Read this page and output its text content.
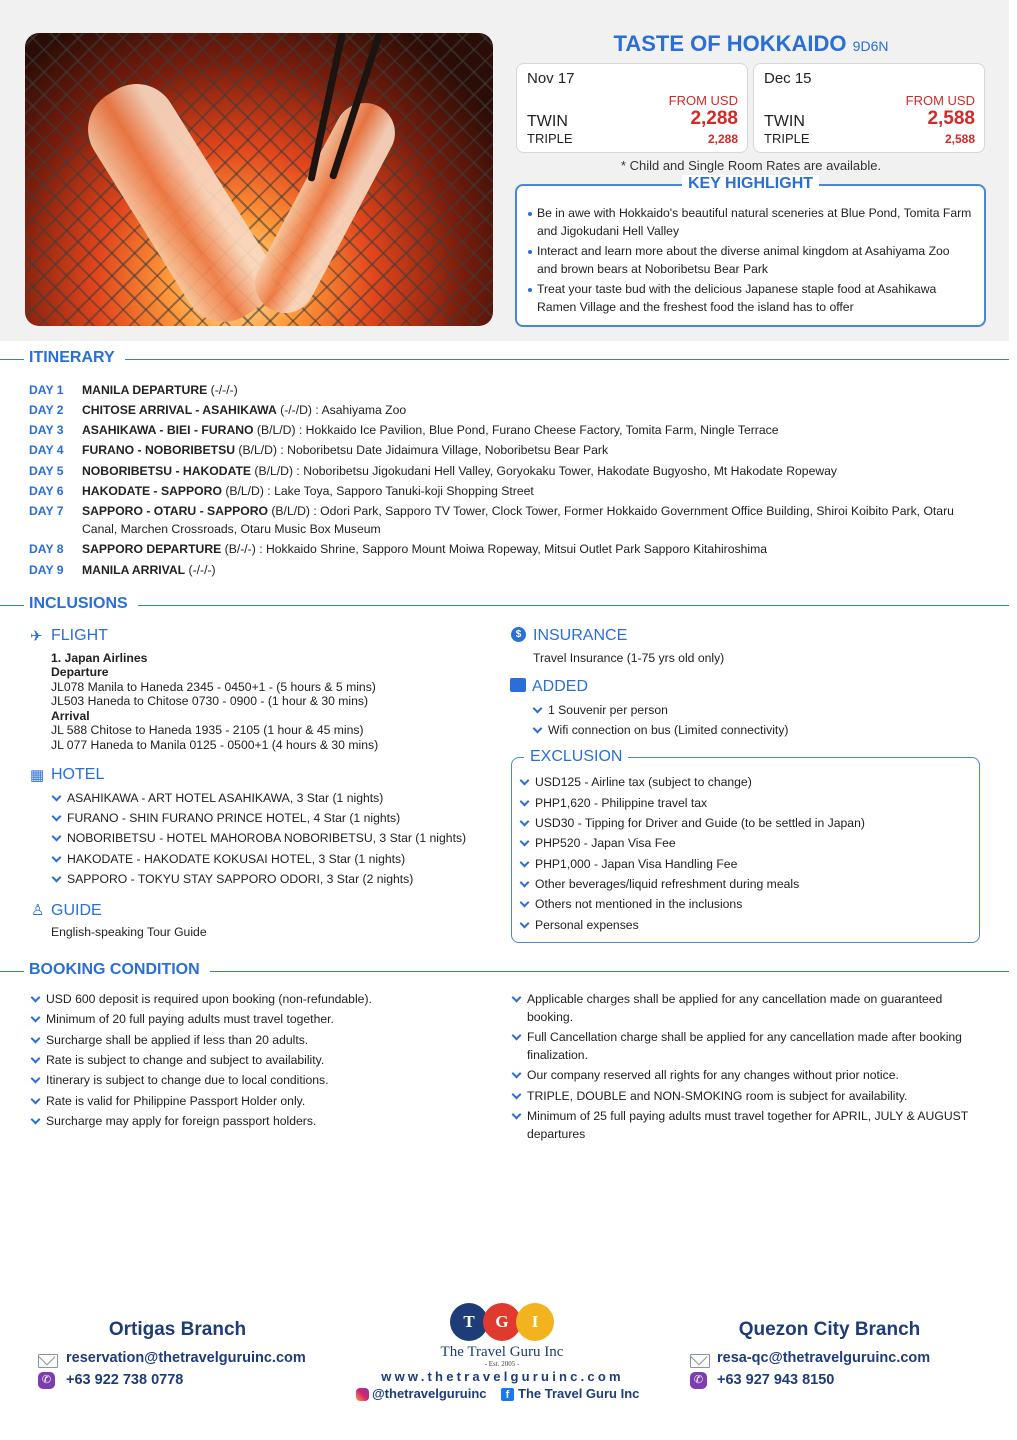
TASTE OF HOKKAIDO 9D6N
Nov 17
FROM USD
TWIN	2,288
TRIPLE	2,288
Dec 15
FROM USD
TWIN	2,588
TRIPLE	2,588
* Child and Single Room Rates are available.
KEY HIGHLIGHT
Be in awe with Hokkaido's beautiful natural sceneries at Blue Pond, Tomita Farm and Jigokudani Hell Valley
Interact and learn more about the diverse animal kingdom at Asahiyama Zoo and brown bears at Noboribetsu Bear Park
Treat your taste bud with the delicious Japanese staple food at Asahikawa Ramen Village and the freshest food the island has to offer
ITINERARY
DAY 1 MANILA DEPARTURE (-/-/-)
DAY 2 CHITOSE ARRIVAL - ASAHIKAWA (-/-/D) : Asahiyama Zoo
DAY 3 ASAHIKAWA - BIEI - FURANO (B/L/D) : Hokkaido Ice Pavilion, Blue Pond, Furano Cheese Factory, Tomita Farm, Ningle Terrace
DAY 4 FURANO - NOBORIBETSU (B/L/D) : Noboribetsu Date Jidaimura Village, Noboribetsu Bear Park
DAY 5 NOBORIBETSU - HAKODATE (B/L/D) : Noboribetsu Jigokudani Hell Valley, Goryokaku Tower, Hakodate Bugyosho, Mt Hakodate Ropeway
DAY 6 HAKODATE - SAPPORO (B/L/D) : Lake Toya, Sapporo Tanuki-koji Shopping Street
DAY 7 SAPPORO - OTARU - SAPPORO (B/L/D) : Odori Park, Sapporo TV Tower, Clock Tower, Former Hokkaido Government Office Building, Shiroi Koibito Park, Otaru Canal, Marchen Crossroads, Otaru Music Box Museum
DAY 8 SAPPORO DEPARTURE (B/-/-) : Hokkaido Shrine, Sapporo Mount Moiwa Ropeway, Mitsui Outlet Park Sapporo Kitahiroshima
DAY 9 MANILA ARRIVAL (-/-/-)
INCLUSIONS
✈ FLIGHT
1. Japan Airlines
Departure
JL078 Manila to Haneda 2345 - 0450+1 - (5 hours & 5 mins)
JL503 Haneda to Chitose 0730 - 0900 - (1 hour & 30 mins)
Arrival
JL 588 Chitose to Haneda 1935 - 2105 (1 hour & 45 mins)
JL 077 Haneda to Manila 0125 - 0500+1 (4 hours & 30 mins)
▦ HOTEL
ASAHIKAWA - ART HOTEL ASAHIKAWA, 3 Star (1 nights)
FURANO - SHIN FURANO PRINCE HOTEL, 4 Star (1 nights)
NOBORIBETSU - HOTEL MAHOROBA NOBORIBETSU, 3 Star (1 nights)
HAKODATE - HAKODATE KOKUSAI HOTEL, 3 Star (1 nights)
SAPPORO - TOKYU STAY SAPPORO ODORI, 3 Star (2 nights)
♙ GUIDE
English-speaking Tour Guide
$ INSURANCE
Travel Insurance (1-75 yrs old only)
ADDED
1 Souvenir per person
Wifi connection on bus (Limited connectivity)
EXCLUSION
USD125 - Airline tax (subject to change)
PHP1,620 - Philippine travel tax
USD30 - Tipping for Driver and Guide (to be settled in Japan)
PHP520 - Japan Visa Fee
PHP1,000 - Japan Visa Handling Fee
Other beverages/liquid refreshment during meals
Others not mentioned in the inclusions
Personal expenses
BOOKING CONDITION
USD 600 deposit is required upon booking (non-refundable).
Minimum of 20 full paying adults must travel together.
Surcharge shall be applied if less than 20 adults.
Rate is subject to change and subject to availability.
Itinerary is subject to change due to local conditions.
Rate is valid for Philippine Passport Holder only.
Surcharge may apply for foreign passport holders.
Applicable charges shall be applied for any cancellation made on guaranteed booking.
Full Cancellation charge shall be applied for any cancellation made after booking finalization.
Our company reserved all rights for any changes without prior notice.
TRIPLE, DOUBLE and NON-SMOKING room is subject for availability.
Minimum of 25 full paying adults must travel together for APRIL, JULY & AUGUST departures
Ortigas Branch
reservation@thetravelguruinc.com
✆ +63 922 738 0778
T	G	I
The Travel Guru Inc
- Est. 2005 -
www.thetravelguruinc.com
@thetravelguruinc	f The Travel Guru Inc
Quezon City Branch
resa-qc@thetravelguruinc.com
✆ +63 927 943 8150
